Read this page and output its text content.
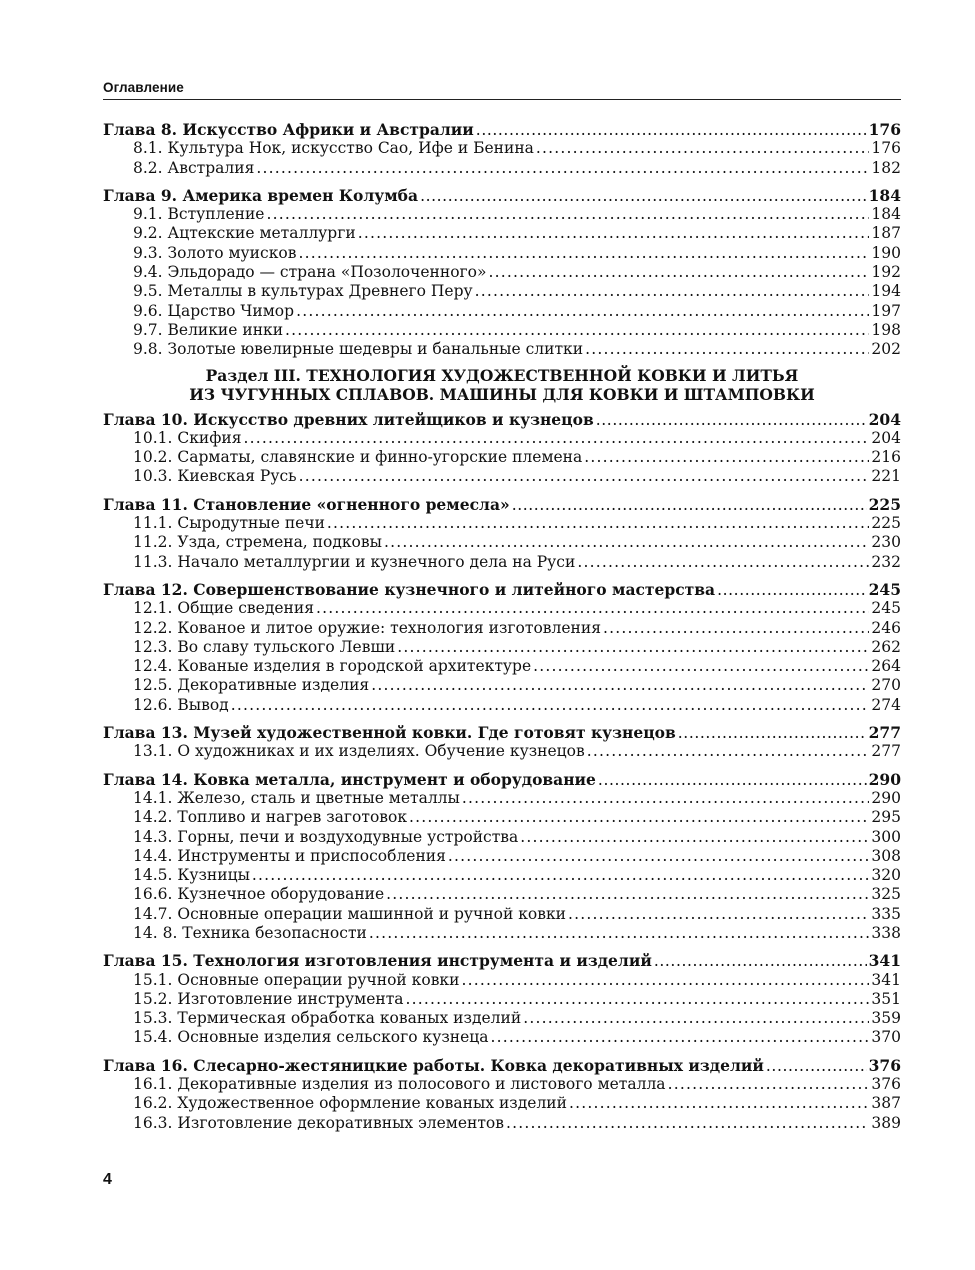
Оглавление
Глава 8. Искусство Африки и Австралии .....	176
8.1. Культура Нок, искусство Сао, Ифе и Бенина .....	176
8.2. Австралия .....	182
Глава 9. Америка времен Колумба .....	184
9.1. Вступление .....	184
9.2. Ацтекские металлурги .....	187
9.3. Золото муисков .....	190
9.4. Эльдорадо — страна «Позолоченного» .....	192
9.5. Металлы в культурах Древнего Перу .....	194
9.6. Царство Чимор .....	197
9.7. Великие инки .....	198
9.8. Золотые ювелирные шедевры и банальные слитки .....	202
Раздел III. ТЕХНОЛОГИЯ ХУДОЖЕСТВЕННОЙ КОВКИ И ЛИТЬЯ
ИЗ ЧУГУННЫХ СПЛАВОВ. МАШИНЫ ДЛЯ КОВКИ И ШТАМПОВКИ
Глава 10. Искусство древних литейщиков и кузнецов .....	204
10.1. Скифия .....	204
10.2. Сарматы, славянские и финно-угорские племена .....	216
10.3. Киевская Русь .....	221
Глава 11. Становление «огненного ремесла» .....	225
11.1. Сыродутные печи .....	225
11.2. Узда, стремена, подковы .....	230
11.3. Начало металлургии и кузнечного дела на Руси .....	232
Глава 12. Совершенствование кузнечного и литейного мастерства .....	245
12.1. Общие сведения .....	245
12.2. Кованое и литое оружие: технология изготовления .....	246
12.3. Во славу тульского Левши .....	262
12.4. Кованые изделия в городской архитектуре .....	264
12.5. Декоративные изделия .....	270
12.6. Вывод .....	274
Глава 13. Музей художественной ковки. Где готовят кузнецов .....	277
13.1. О художниках и их изделиях. Обучение кузнецов .....	277
Глава 14. Ковка металла, инструмент и оборудование .....	290
14.1. Железо, сталь и цветные металлы .....	290
14.2. Топливо и нагрев заготовок .....	295
14.3. Горны, печи и воздуходувные устройства .....	300
14.4. Инструменты и приспособления .....	308
14.5. Кузницы .....	320
16.6. Кузнечное оборудование .....	325
14.7. Основные операции машинной и ручной ковки .....	335
14. 8. Техника безопасности .....	338
Глава 15. Технология изготовления инструмента и изделий .....	341
15.1. Основные операции ручной ковки .....	341
15.2. Изготовление инструмента .....	351
15.3. Термическая обработка кованых изделий .....	359
15.4. Основные изделия сельского кузнеца .....	370
Глава 16. Слесарно-жестяницкие работы. Ковка декоративных изделий .....	376
16.1. Декоративные изделия из полосового и листового металла .....	376
16.2. Художественное оформление кованых изделий .....	387
16.3. Изготовление декоративных элементов .....	389
4
